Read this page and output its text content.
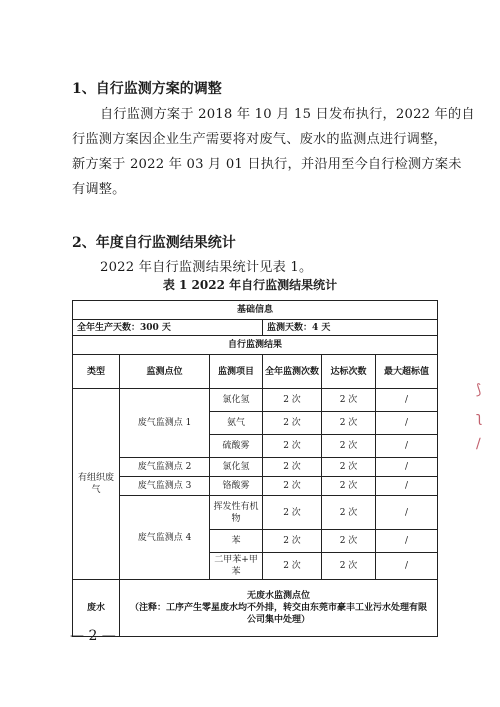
1、自行监测方案的调整
自行监测方案于 2018 年 10 月 15 日发布执行，2022 年的自
行监测方案因企业生产需要将对废气、废水的监测点进行调整，
新方案于 2022 年 03 月 01 日执行，并沿用至今自行检测方案未
有调整。
2、年度自行监测结果统计
2022 年自行监测结果统计见表 1。
表 1 2022 年自行监测结果统计
基础信息					
全年生产天数：300 天			监测天数：4 天		
自行监测结果					
类型	监测点位	监测项目	全年监测次数	达标次数	最大超标值
有组织废气	废气监测点 1	氯化氢	2 次	2 次	/
		氨气	2 次	2 次	/
		硫酸雾	2 次	2 次	/
	废气监测点 2	氯化氢	2 次	2 次	/
	废气监测点 3	铬酸雾	2 次	2 次	/
	废气监测点 4	挥发性有机物	2 次	2 次	/
		苯	2 次	2 次	/
		二甲苯+甲苯	2 次	2 次	/
废水	无废水监测点位
（注释：工序产生零星废水均不外排，转交由东莞市豪丰工业污水处理有限公司集中处理）				
⟆
ʅ
∕
— 2 —
